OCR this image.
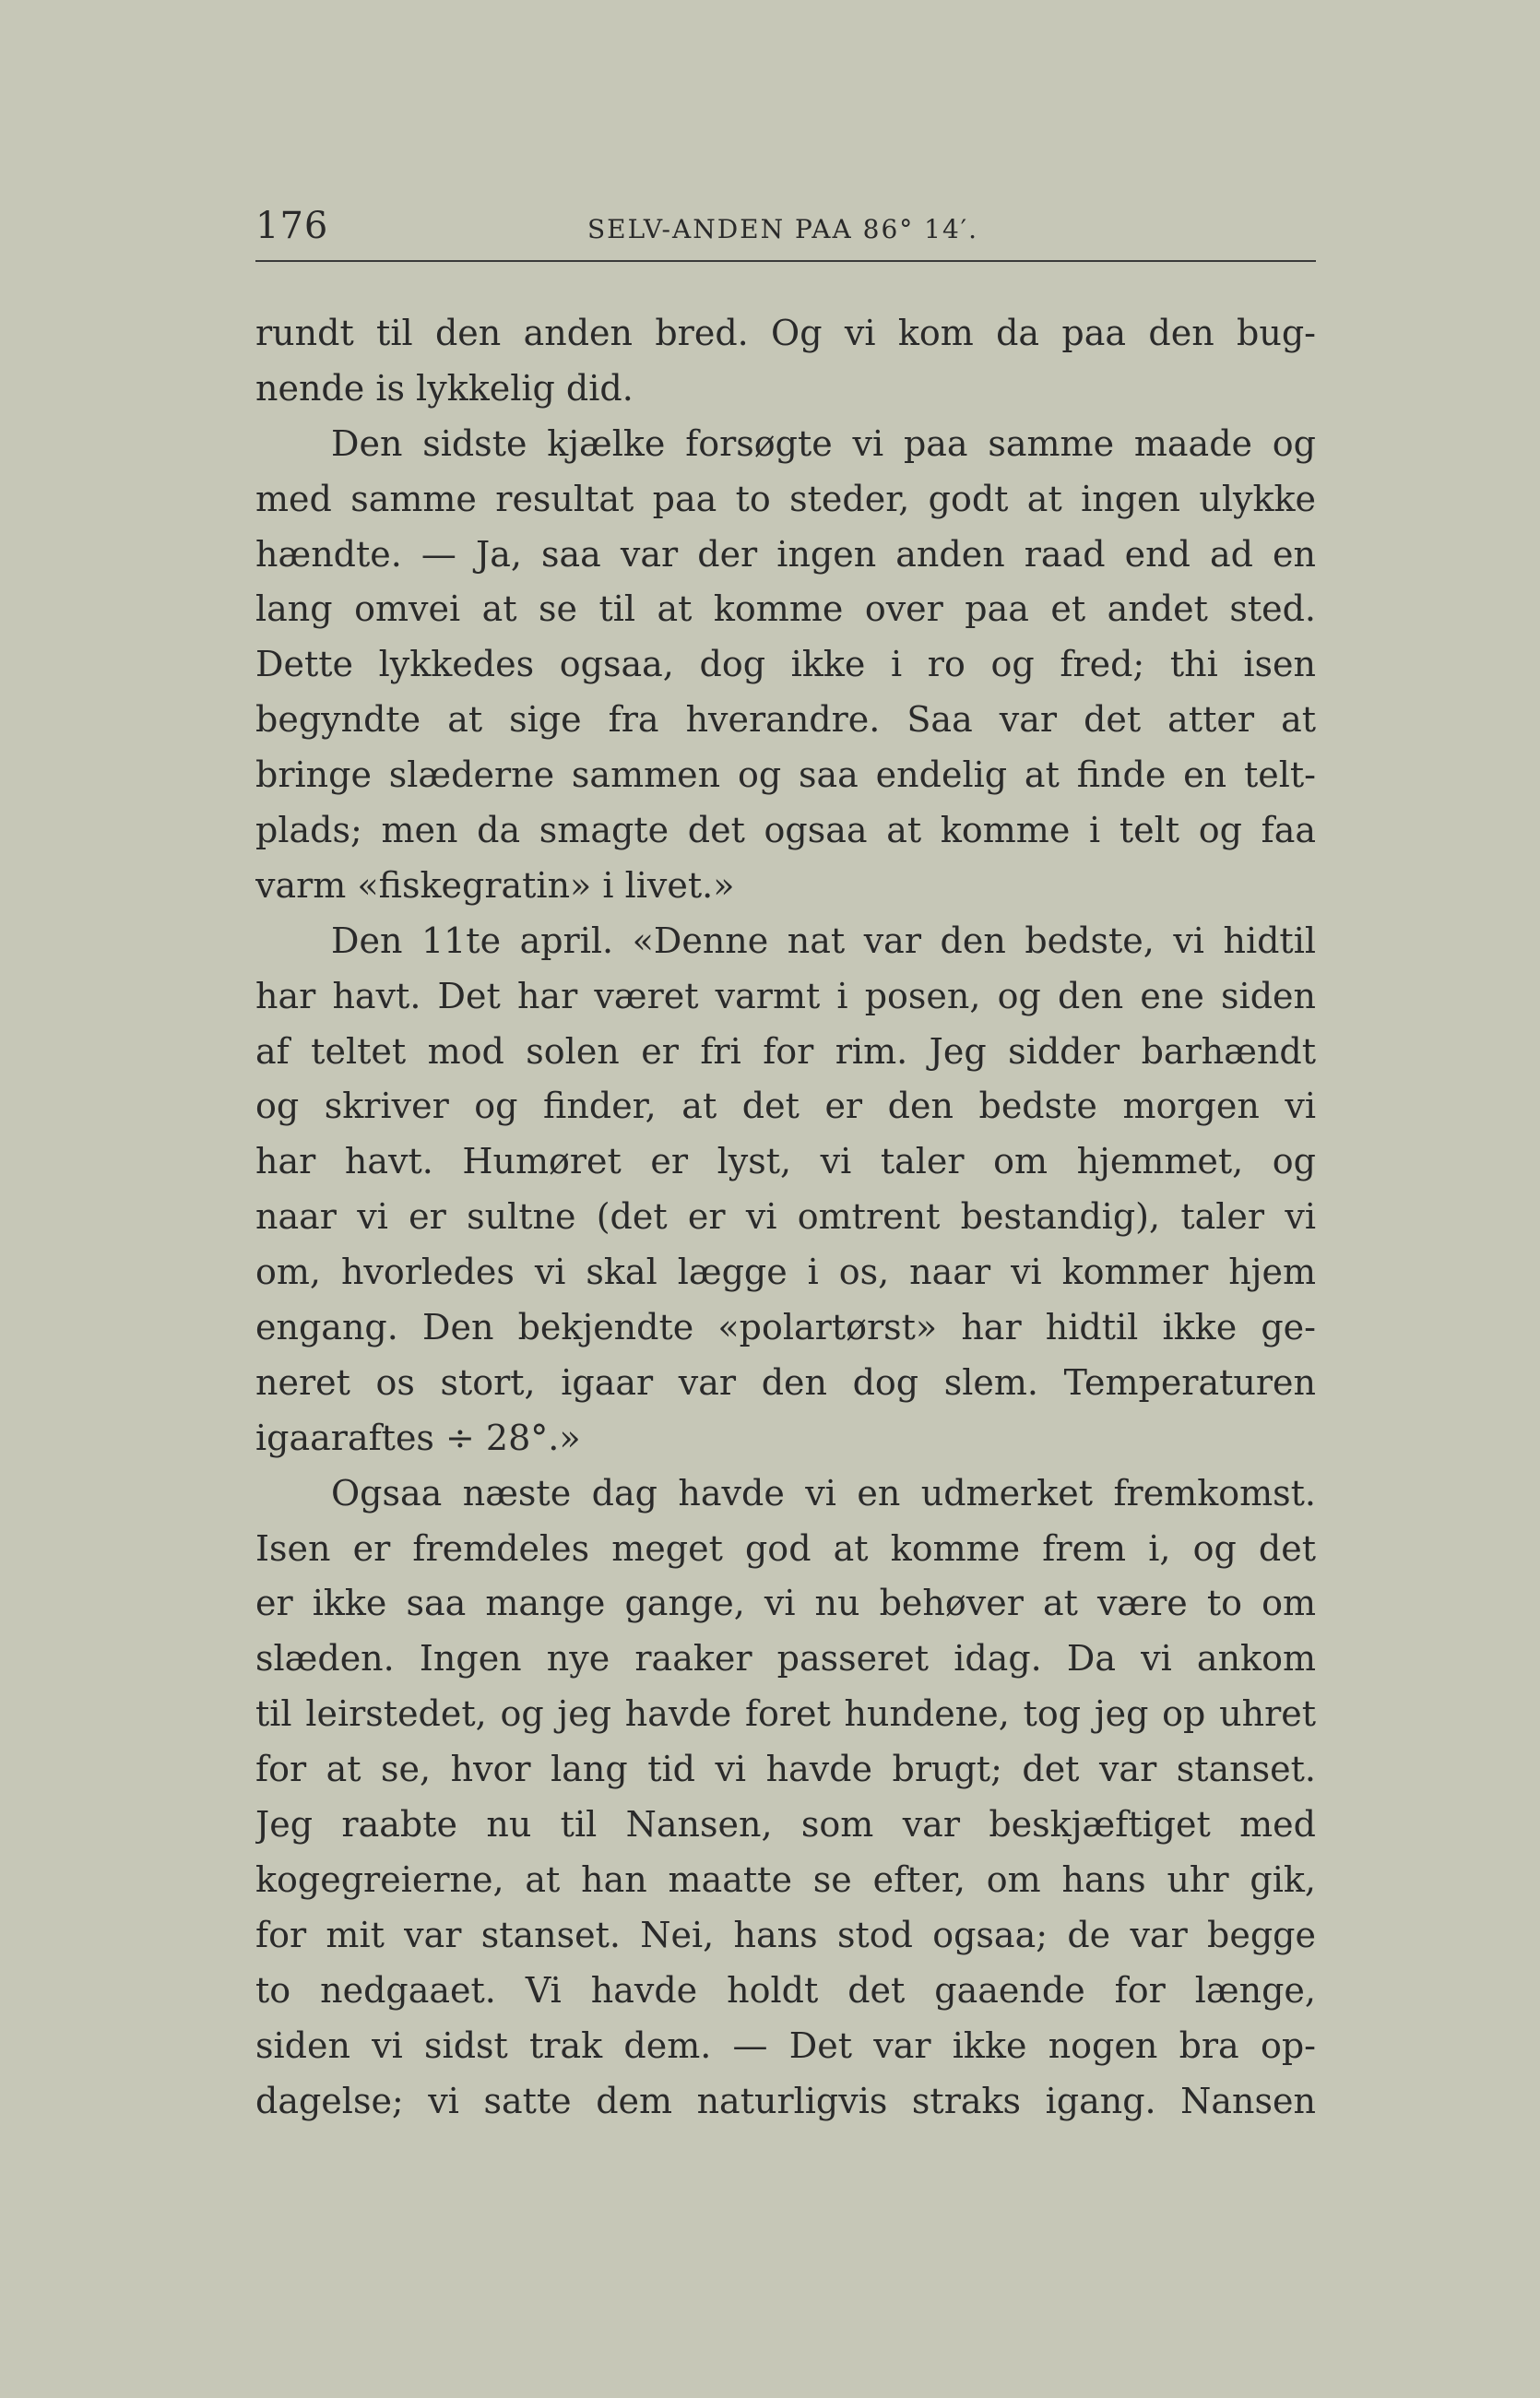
176	SELV-ANDEN PAA 86° 14′.
rundt til den anden bred. Og vi kom da paa den bug-
nende is lykkelig did.
Den sidste kjælke forsøgte vi paa samme maade og
med samme resultat paa to steder, godt at ingen ulykke
hændte. — Ja, saa var der ingen anden raad end ad en
lang omvei at se til at komme over paa et andet sted.
Dette lykkedes ogsaa, dog ikke i ro og fred; thi isen
begyndte at sige fra hverandre. Saa var det atter at
bringe slæderne sammen og saa endelig at finde en telt-
plads; men da smagte det ogsaa at komme i telt og faa
varm «fiskegratin» i livet.»
Den 11te april. «Denne nat var den bedste, vi hidtil
har havt. Det har været varmt i posen, og den ene siden
af teltet mod solen er fri for rim. Jeg sidder barhændt
og skriver og finder, at det er den bedste morgen vi
har havt. Humøret er lyst, vi taler om hjemmet, og
naar vi er sultne (det er vi omtrent bestandig), taler vi
om, hvorledes vi skal lægge i os, naar vi kommer hjem
engang. Den bekjendte «polartørst» har hidtil ikke ge-
neret os stort, igaar var den dog slem. Temperaturen
igaaraftes ÷ 28°.»
Ogsaa næste dag havde vi en udmerket fremkomst.
Isen er fremdeles meget god at komme frem i, og det
er ikke saa mange gange, vi nu behøver at være to om
slæden. Ingen nye raaker passeret idag. Da vi ankom
til leirstedet, og jeg havde foret hundene, tog jeg op uhret
for at se, hvor lang tid vi havde brugt; det var stanset.
Jeg raabte nu til Nansen, som var beskjæftiget med
kogegreierne, at han maatte se efter, om hans uhr gik,
for mit var stanset. Nei, hans stod ogsaa; de var begge
to nedgaaet. Vi havde holdt det gaaende for længe,
siden vi sidst trak dem. — Det var ikke nogen bra op-
dagelse; vi satte dem naturligvis straks igang. Nansen
